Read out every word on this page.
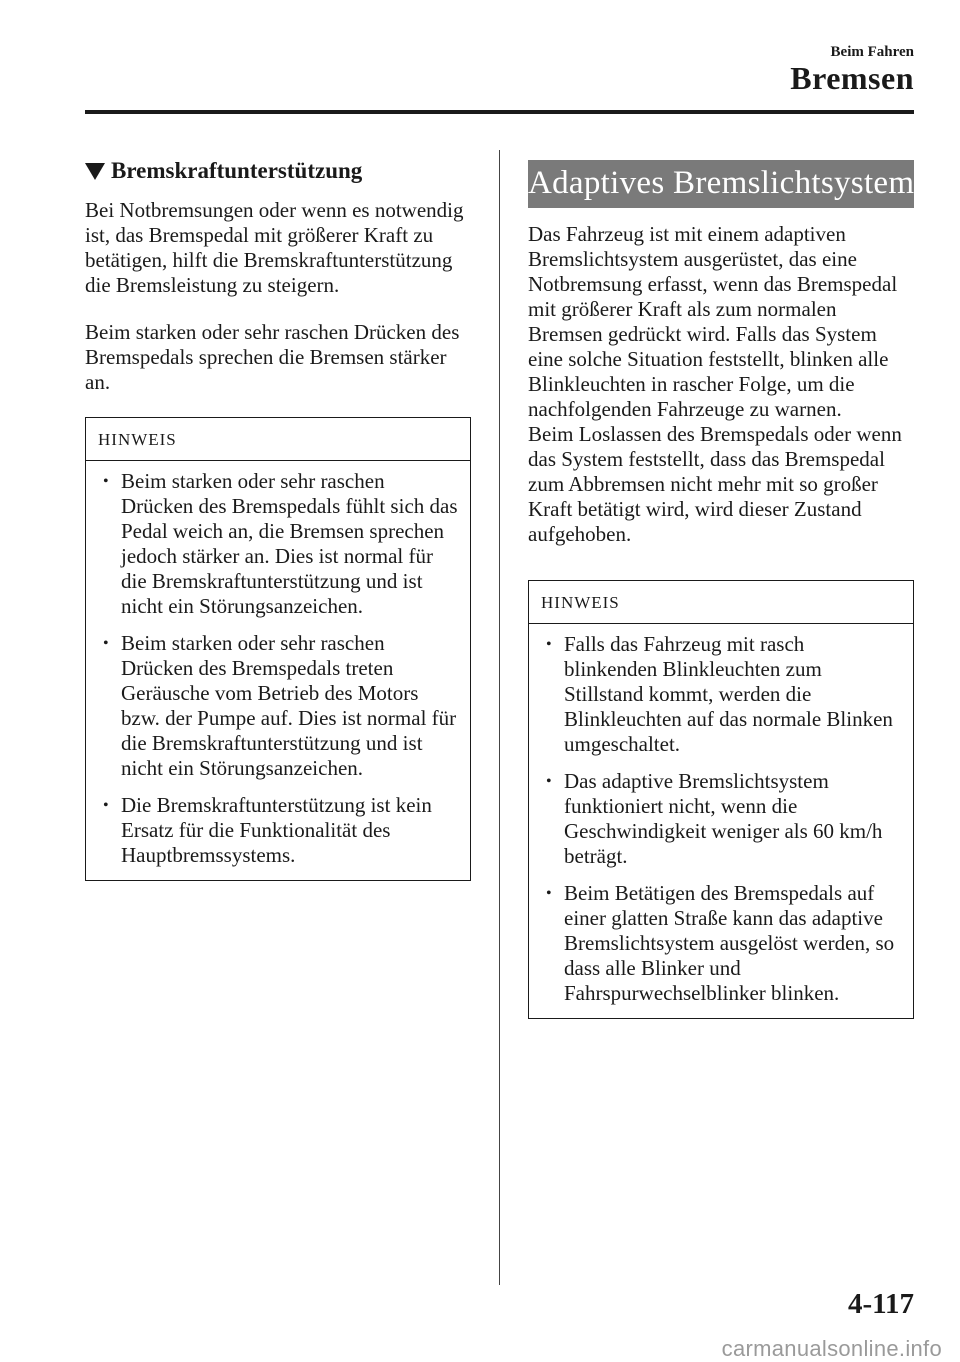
Beim Fahren
Bremsen
Bremskraftunterstützung

Bei Notbremsungen oder wenn es notwendig ist, das Bremspedal mit größerer Kraft zu betätigen, hilft die Bremskraftunterstützung die Bremsleistung zu steigern.

Beim starken oder sehr raschen Drücken des Bremspedals sprechen die Bremsen stärker an.

HINWEIS
• Beim starken oder sehr raschen Drücken des Bremspedals fühlt sich das Pedal weich an, die Bremsen sprechen jedoch stärker an. Dies ist normal für die Bremskraftunterstützung und ist nicht ein Störungsanzeichen.
• Beim starken oder sehr raschen Drücken des Bremspedals treten Geräusche vom Betrieb des Motors bzw. der Pumpe auf. Dies ist normal für die Bremskraftunterstützung und ist nicht ein Störungsanzeichen.
• Die Bremskraftunterstützung ist kein Ersatz für die Funktionalität des Hauptbremssystems.
Adaptives Bremslichtsystem

Das Fahrzeug ist mit einem adaptiven Bremslichtsystem ausgerüstet, das eine Notbremsung erfasst, wenn das Bremspedal mit größerer Kraft als zum normalen Bremsen gedrückt wird. Falls das System eine solche Situation feststellt, blinken alle Blinkleuchten in rascher Folge, um die nachfolgenden Fahrzeuge zu warnen.
Beim Loslassen des Bremspedals oder wenn das System feststellt, dass das Bremspedal zum Abbremsen nicht mehr mit so großer Kraft betätigt wird, wird dieser Zustand aufgehoben.

HINWEIS
• Falls das Fahrzeug mit rasch blinkenden Blinkleuchten zum Stillstand kommt, werden die Blinkleuchten auf das normale Blinken umgeschaltet.
• Das adaptive Bremslichtsystem funktioniert nicht, wenn die Geschwindigkeit weniger als 60 km/h beträgt.
• Beim Betätigen des Bremspedals auf einer glatten Straße kann das adaptive Bremslichtsystem ausgelöst werden, so dass alle Blinker und Fahrspurwechselblinker blinken.
4-117
carmanualsonline.info
